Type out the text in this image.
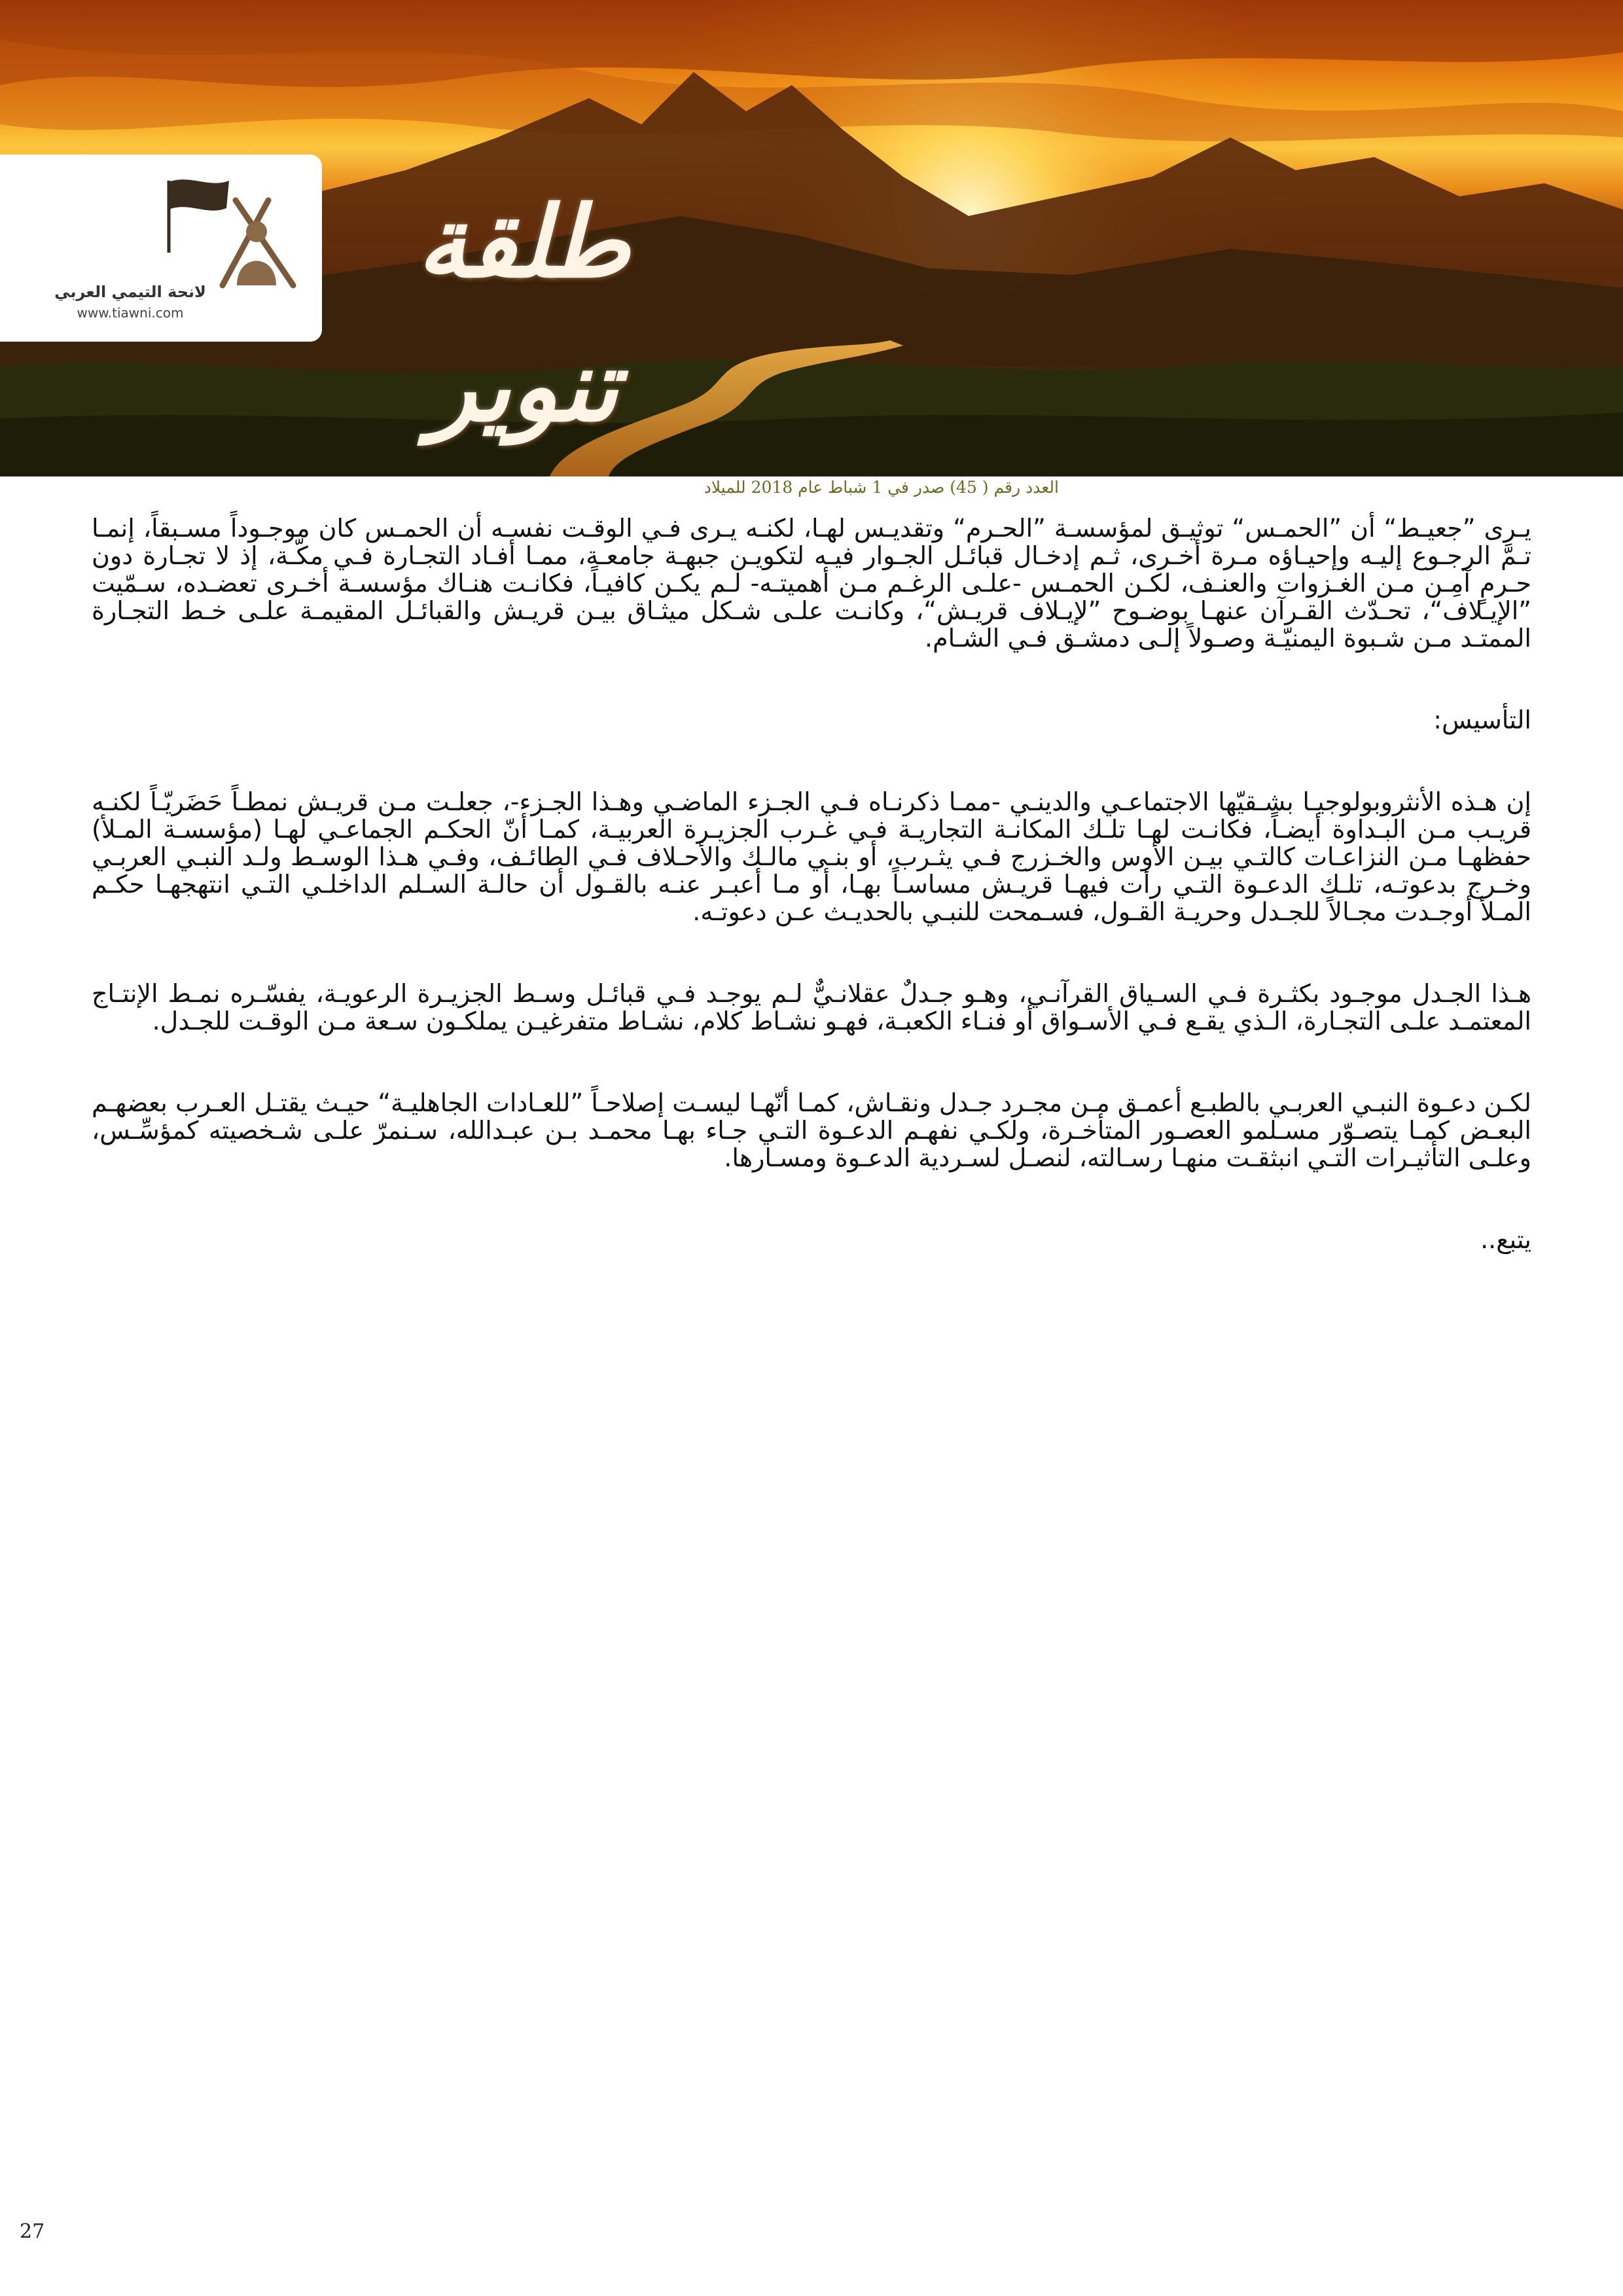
لانحة التيمي العربي
www.tiawni.com
طلقة تنوير
العدد رقم ( 45) صدر في 1 شباط عام 2018 للميلاد

يـرى ”جعيـط“ أن ”الحمـس“ توثيـق لمؤسسـة ”الحـرم“ وتقديـس لهـا، لكنـه يـرى فـي الوقـت نفسـه أن الحمـس كان موجـوداً مسـبقاً، إنمـا تـمَّ الرجـوع إليـه وإحيـاؤه مـرة أخـرى، ثـم إدخـال قبائـل الجـوار فيـه لتكويـن جبهـة جامعـة، ممـا أفـاد التجـارة فـي مكّـة، إذ لا تجـارة دون حـرمٍ آمِـن مـن الغـزوات والعنـف، لكـن الحمـس -علـى الرغـم مـن أهميتـه- لـم يكـن كافيـاً، فكانـت هنـاك مؤسسـة أخـرى تعضـده، سـمّيت ”الإيـلاف“، تحـدّث القـرآن عنهـا بوضـوح ”لإيـلاف قريـش“، وكانـت علـى شـكل ميثـاق بيـن قريـش والقبائـل المقيمـة علـى خـط التجـارة الممتـد مـن شـبوة اليمنيّـة وصـولاً إلـى دمشـق فـي الشـام.

التأسيس:

إن هـذه الأنثروبولوجيـا بشـقيّها الاجتماعـي والدينـي -ممـا ذكرنـاه فـي الجـزء الماضـي وهـذا الجـزء-، جعلـت مـن قريـش نمطـاً حَضَريّـاً لكنـه قريـب مـن البـداوة أيضـاً، فكانـت لهـا تلـك المكانـة التجاريـة فـي غـرب الجزيـرة العربيـة، كمـا أنّ الحكـم الجماعـي لهـا (مؤسسـة المـلأ) حفظهـا مـن النزاعـات كالتـي بيـن الأوس والخـزرج فـي يثـرب، أو بنـي مالـك والأحـلاف فـي الطائـف، وفـي هـذا الوسـط ولـد النبـي العربـي وخـرج بدعوتـه، تلـك الدعـوة التـي رأت فيهـا قريـش مساسـاً بهـا، أو مـا أعبـر عنـه بالقـول أن حالـة السـلم الداخلـي التـي انتهجهـا حكـم المـلأ أوجـدت مجـالاً للجـدل وحريـة القـول، فسـمحت للنبـي بالحديـث عـن دعوتـه.

هـذا الجـدل موجـود بكثـرة فـي السـياق القرآنـي، وهـو جـدلٌ عقلانـيٌّ لـم يوجـد فـي قبائـل وسـط الجزيـرة الرعويـة، يفسّـره نمـط الإنتـاج المعتمـد علـى التجـارة، الـذي يقـع فـي الأسـواق أو فنـاء الكعبـة، فهـو نشـاط كلام، نشـاط متفرغيـن يملكـون سـعة مـن الوقـت للجـدل.

لكـن دعـوة النبـي العربـي بالطبـع أعمـق مـن مجـرد جـدل ونقـاش، كمـا أنّهـا ليسـت إصلاحـاً ”للعـادات الجاهليـة“ حيـث يقتـل العـرب بعضهـم البعـض كمـا يتصـوّر مسـلمو العصـور المتأخـرة، ولكـي نفهـم الدعـوة التـي جـاء بهـا محمـد بـن عبـدالله، سـنمرّ علـى شـخصيته كمؤسِّـس، وعلـى التأثيـرات التـي انبثقـت منهـا رسـالته، لنصـل لسـردية الدعـوة ومسـارها.

يتبع..

27
